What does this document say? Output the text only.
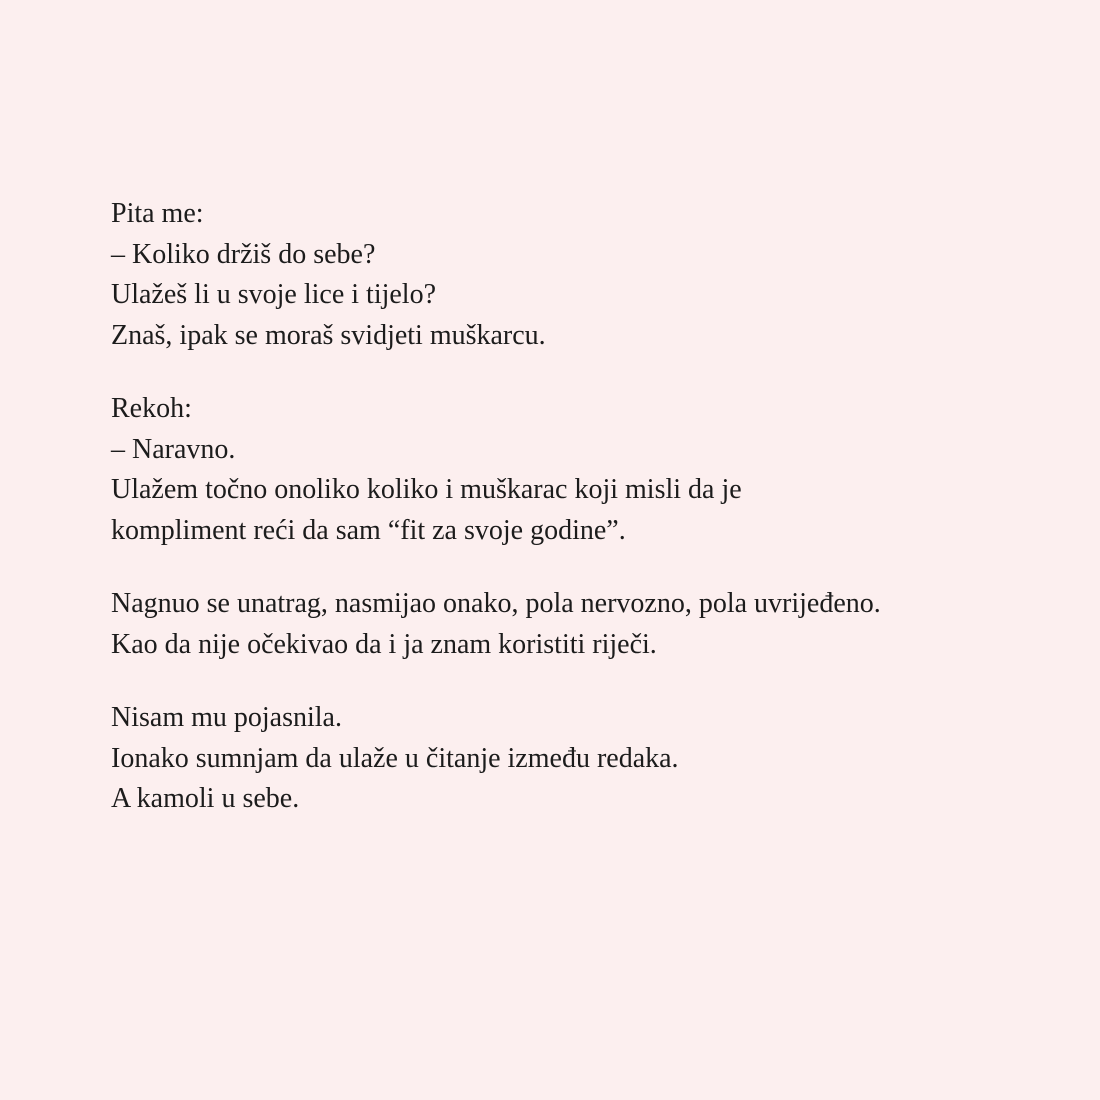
Pita me:
– Koliko držiš do sebe?
Ulažeš li u svoje lice i tijelo?
Znaš, ipak se moraš svidjeti muškarcu.
Rekoh:
– Naravno.
Ulažem točno onoliko koliko i muškarac koji misli da je
kompliment reći da sam “fit za svoje godine”.
Nagnuo se unatrag, nasmijao onako, pola nervozno, pola uvrijeđeno.
Kao da nije očekivao da i ja znam koristiti riječi.
Nisam mu pojasnila.
Ionako sumnjam da ulaže u čitanje između redaka.
A kamoli u sebe.
